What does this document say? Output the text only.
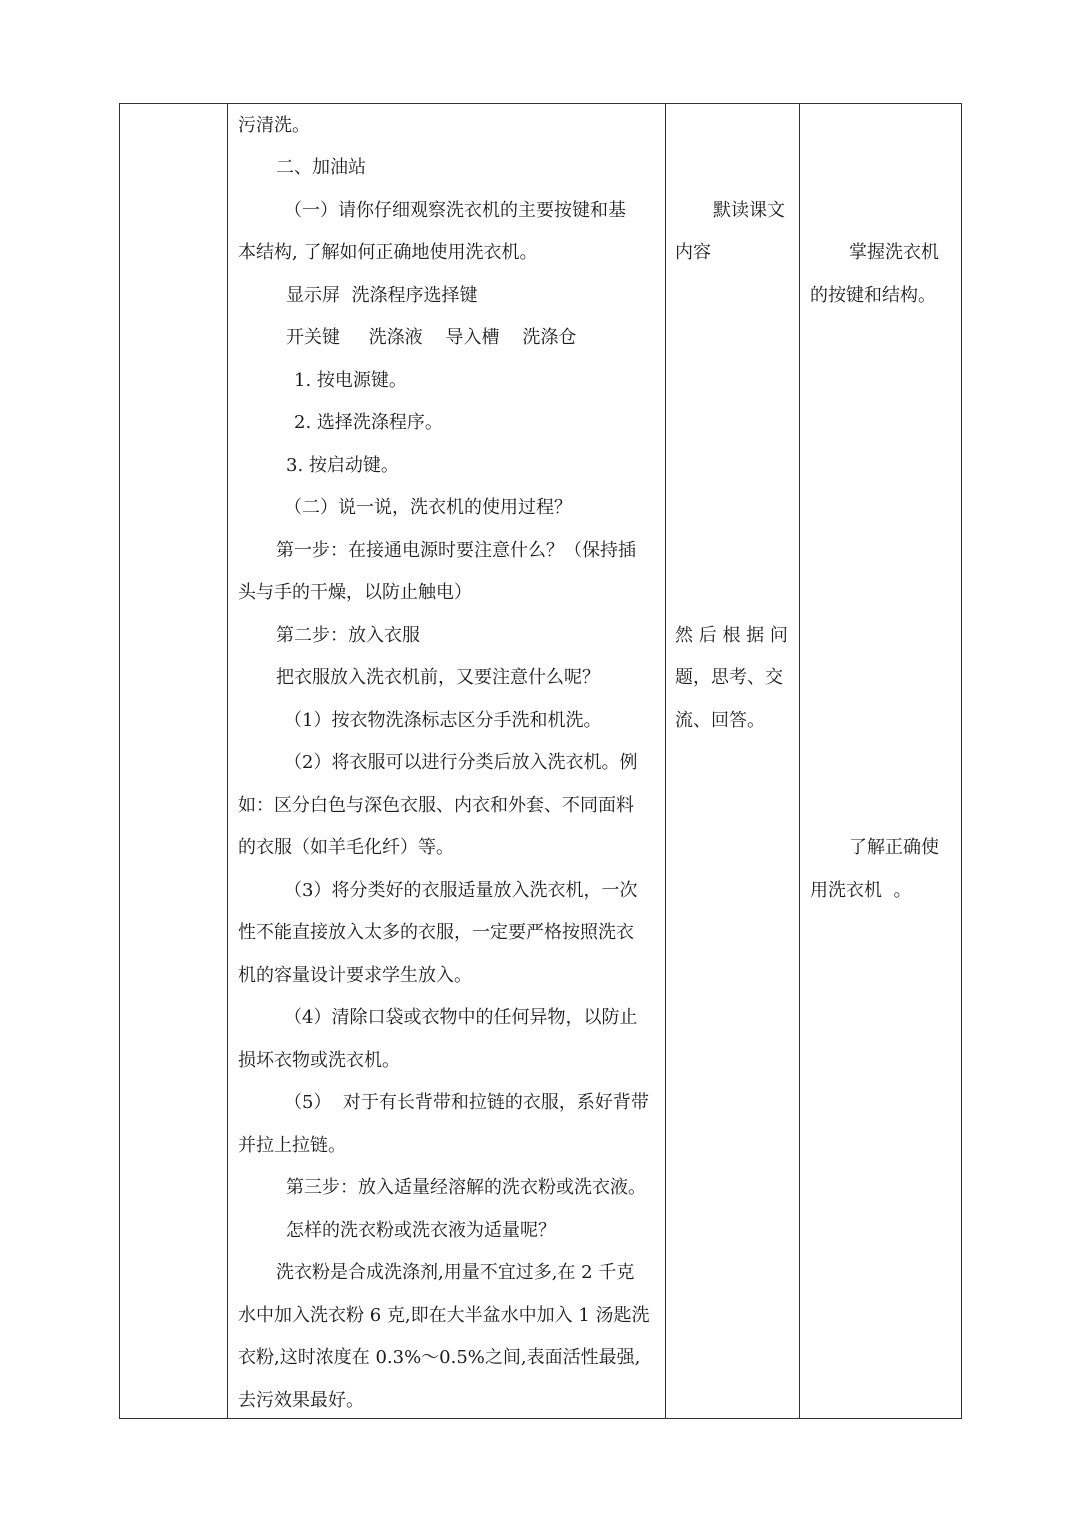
污清洗。
二、加油站
（一）请你仔细观察洗衣机的主要按键和基
本结构, 了解如何正确地使用洗衣机。
显示屏  洗涤程序选择键
开关键     洗涤液    导入槽    洗涤仓
1. 按电源键。
2. 选择洗涤程序。
3. 按启动键。
（二）说一说，洗衣机的使用过程？
第一步：在接通电源时要注意什么？（保持插
头与手的干燥，以防止触电）
第二步：放入衣服
把衣服放入洗衣机前，又要注意什么呢？
（1）按衣物洗涤标志区分手洗和机洗。
（2）将衣服可以进行分类后放入洗衣机。例
如：区分白色与深色衣服、内衣和外套、不同面料
的衣服（如羊毛化纤）等。
（3）将分类好的衣服适量放入洗衣机，一次
性不能直接放入太多的衣服，一定要严格按照洗衣
机的容量设计要求学生放入。
（4）清除口袋或衣物中的任何异物，以防止
损坏衣物或洗衣机。
（5）  对于有长背带和拉链的衣服，系好背带
并拉上拉链。
第三步：放入适量经溶解的洗衣粉或洗衣液。
怎样的洗衣粉或洗衣液为适量呢？
洗衣粉是合成洗涤剂,用量不宜过多,在 2 千克
水中加入洗衣粉 6 克,即在大半盆水中加入 1 汤匙洗
衣粉,这时浓度在 0.3%～0.5%之间,表面活性最强,
去污效果最好。
默读课文
内容
然 后 根 据 问
题，思考、交
流、回答。
掌握洗衣机
的按键和结构。
了解正确使
用洗衣机  。
